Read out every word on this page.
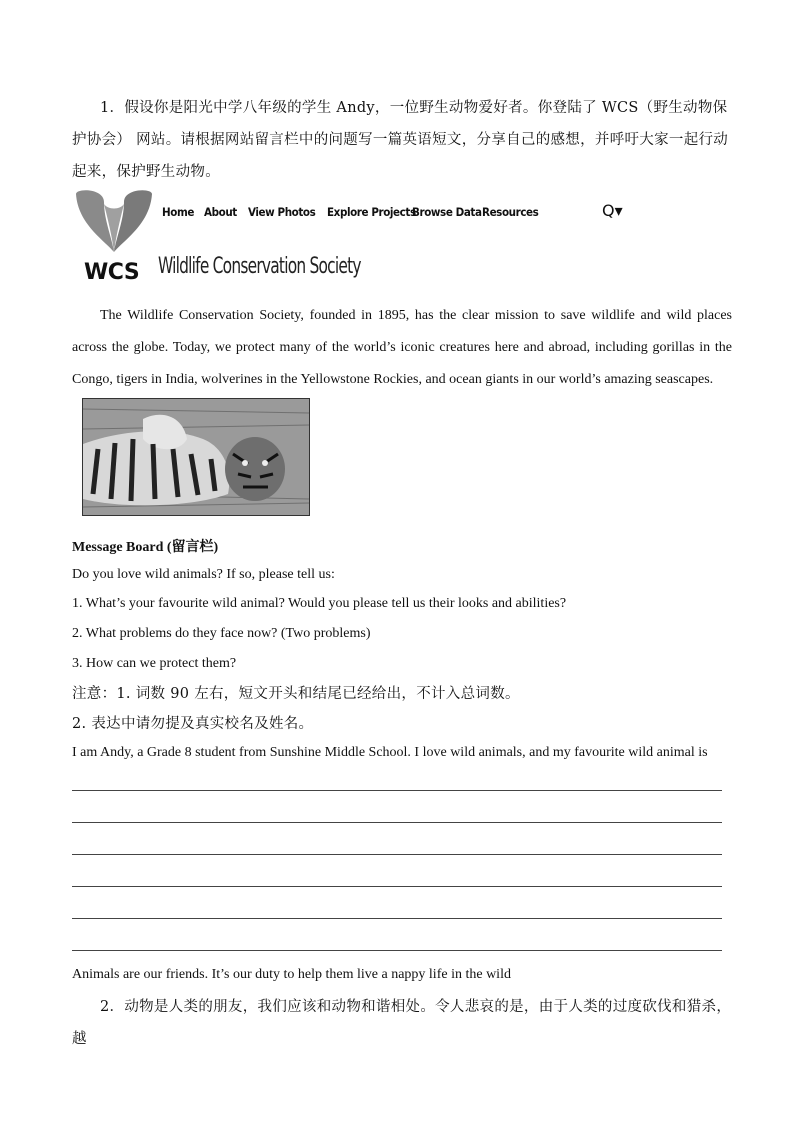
1．假设你是阳光中学八年级的学生 Andy，一位野生动物爱好者。你登陆了 WCS（野生动物保护协会） 网站。请根据网站留言栏中的问题写一篇英语短文，分享自己的感想，并呼吁大家一起行动起来，保护野生动物。
WCS
Home About View Photos Explore Projects
Browse Data Resources	Q▾
Wildlife Conservation Society
The Wildlife Conservation Society, founded in 1895, has the clear mission to save wildlife and wild places across the globe. Today, we protect many of the world’s iconic creatures here and abroad, including gorillas in the Congo, tigers in India, wolverines in the Yellowstone Rockies, and ocean giants in our world’s amazing seascapes.
Message Board (留言栏)
Do you love wild animals? If so, please tell us:
1. What’s your favourite wild animal? Would you please tell us their looks and abilities?
2. What problems do they face now? (Two problems)
3. How can we protect them?
注意：1. 词数 90 左右，短文开头和结尾已经给出，不计入总词数。
2. 表达中请勿提及真实校名及姓名。
I am Andy, a Grade 8 student from Sunshine Middle School. I love wild animals, and my favourite wild animal is
Animals are our friends. It’s our duty to help them live a nappy life in the wild
2．动物是人类的朋友，我们应该和动物和谐相处。令人悲哀的是，由于人类的过度砍伐和猎杀，越
